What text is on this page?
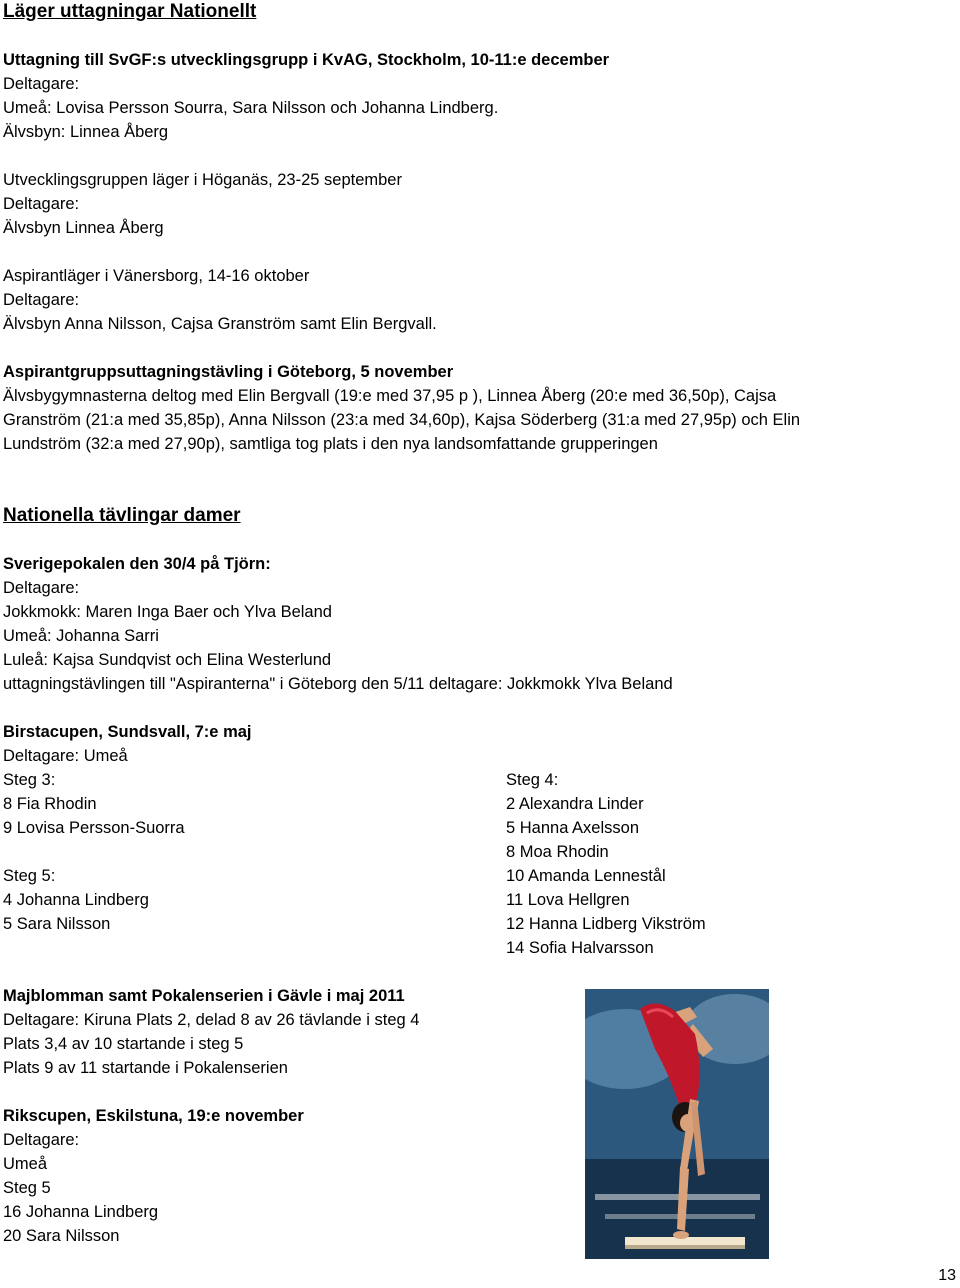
Läger uttagningar Nationellt
Uttagning till SvGF:s utvecklingsgrupp i KvAG, Stockholm, 10-11:e december
Deltagare:
Umeå: Lovisa Persson Sourra, Sara Nilsson och Johanna Lindberg.
Älvsbyn: Linnea Åberg
Utvecklingsgruppen läger i Höganäs, 23-25 september
Deltagare:
Älvsbyn Linnea Åberg
Aspirantläger i Vänersborg, 14-16 oktober
Deltagare:
Älvsbyn Anna Nilsson, Cajsa Granström samt Elin Bergvall.
Aspirantgruppsuttagningstävling i Göteborg, 5 november
Älvsbygymnasterna deltog med Elin Bergvall (19:e med 37,95 p ), Linnea Åberg (20:e med 36,50p), Cajsa
Granström (21:a med 35,85p), Anna Nilsson (23:a med 34,60p), Kajsa Söderberg (31:a med 27,95p) och Elin
Lundström (32:a med 27,90p), samtliga tog plats i den nya landsomfattande grupperingen
Nationella tävlingar damer
Sverigepokalen den 30/4 på Tjörn:
Deltagare:
Jokkmokk: Maren Inga Baer och Ylva Beland
Umeå: Johanna Sarri
Luleå: Kajsa Sundqvist och Elina Westerlund
uttagningstävlingen till "Aspiranterna" i Göteborg den 5/11 deltagare: Jokkmokk Ylva Beland
Birstacupen, Sundsvall, 7:e maj
Deltagare: Umeå
Steg 3:
8 Fia Rhodin
9 Lovisa Persson-Suorra
Steg 5:
4 Johanna Lindberg
5 Sara Nilsson
Steg 4:
2 Alexandra Linder
5 Hanna Axelsson
8 Moa Rhodin
10 Amanda Lennestål
11 Lova Hellgren
12 Hanna Lidberg Vikström
14 Sofia Halvarsson
Majblomman samt Pokalenserien i Gävle i maj 2011
Deltagare: Kiruna Plats 2, delad 8 av 26 tävlande i steg 4
Plats 3,4 av 10 startande i steg 5
Plats 9 av 11 startande i Pokalenserien
Rikscupen, Eskilstuna, 19:e november
Deltagare:
Umeå
Steg 5
16 Johanna Lindberg
20 Sara Nilsson
13
